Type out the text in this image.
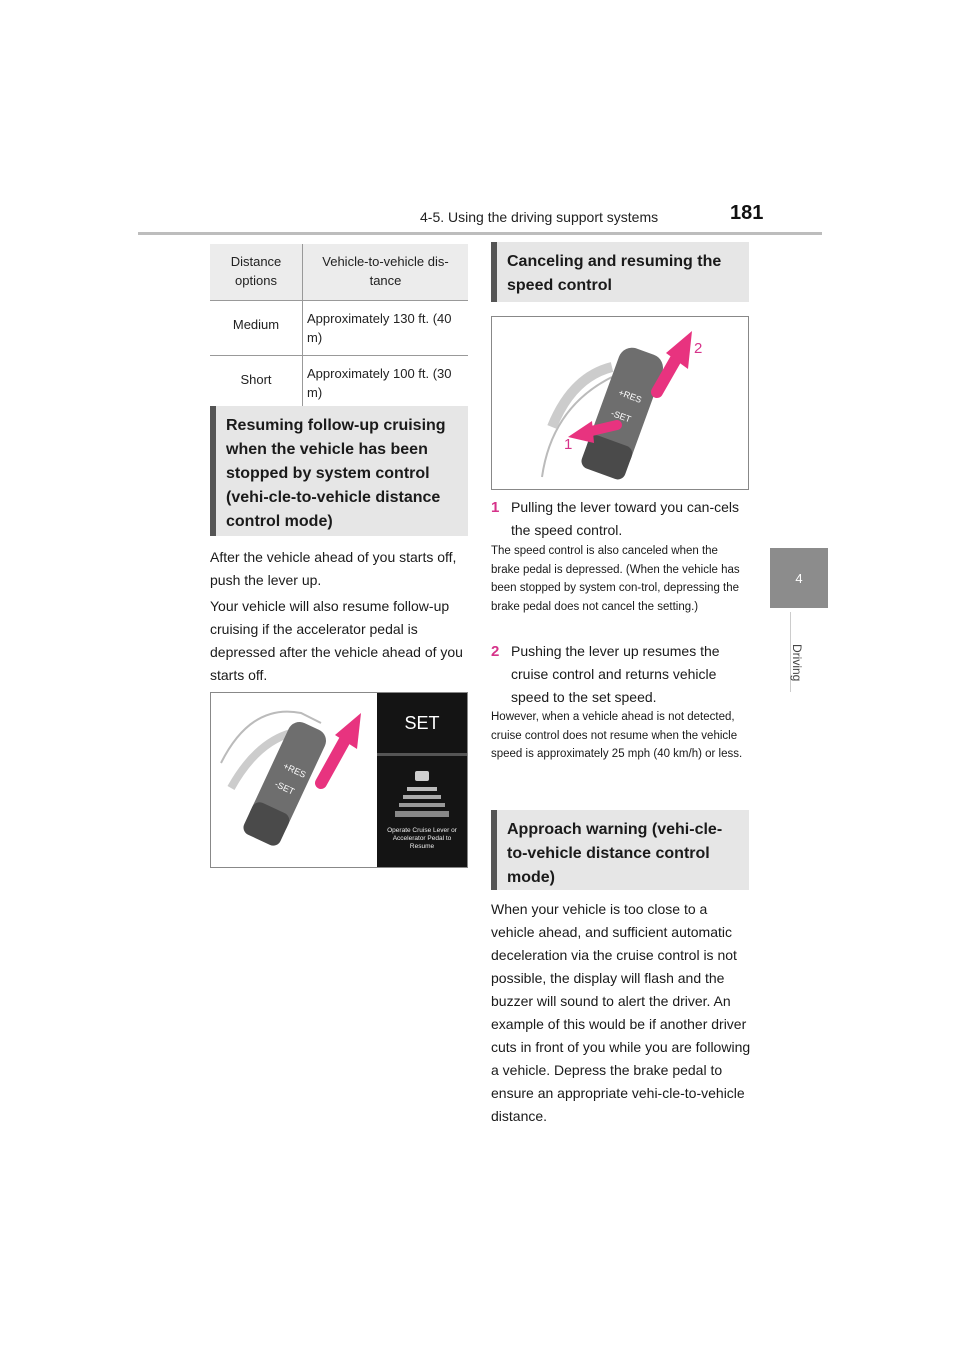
4-5. Using the driving support systems	181
4
Driving
Distance options	Vehicle-to-vehicle dis-tance
Medium	Approximately 130 ft. (40 m)
Short	Approximately 100 ft. (30 m)
Resuming follow-up cruising when the vehicle has been stopped by system control (vehi-cle-to-vehicle distance control mode)
After the vehicle ahead of you starts off, push the lever up.
Your vehicle will also resume follow-up cruising if the accelerator pedal is depressed after the vehicle ahead of you starts off.
+RES
-SET
SET
Operate Cruise Lever or Accelerator Pedal to Resume
Canceling and resuming the speed control
+RES
-SET
1
2
1 Pulling the lever toward you can-cels the speed control.
The speed control is also canceled when the brake pedal is depressed. (When the vehicle has been stopped by system con-trol, depressing the brake pedal does not cancel the setting.)
2 Pushing the lever up resumes the cruise control and returns vehicle speed to the set speed.
However, when a vehicle ahead is not detected, cruise control does not resume when the vehicle speed is approximately 25 mph (40 km/h) or less.
Approach warning (vehi-cle-to-vehicle distance control mode)
When your vehicle is too close to a vehicle ahead, and sufficient automatic deceleration via the cruise control is not possible, the display will flash and the buzzer will sound to alert the driver. An example of this would be if another driver cuts in front of you while you are following a vehicle. Depress the brake pedal to ensure an appropriate vehi-cle-to-vehicle distance.
